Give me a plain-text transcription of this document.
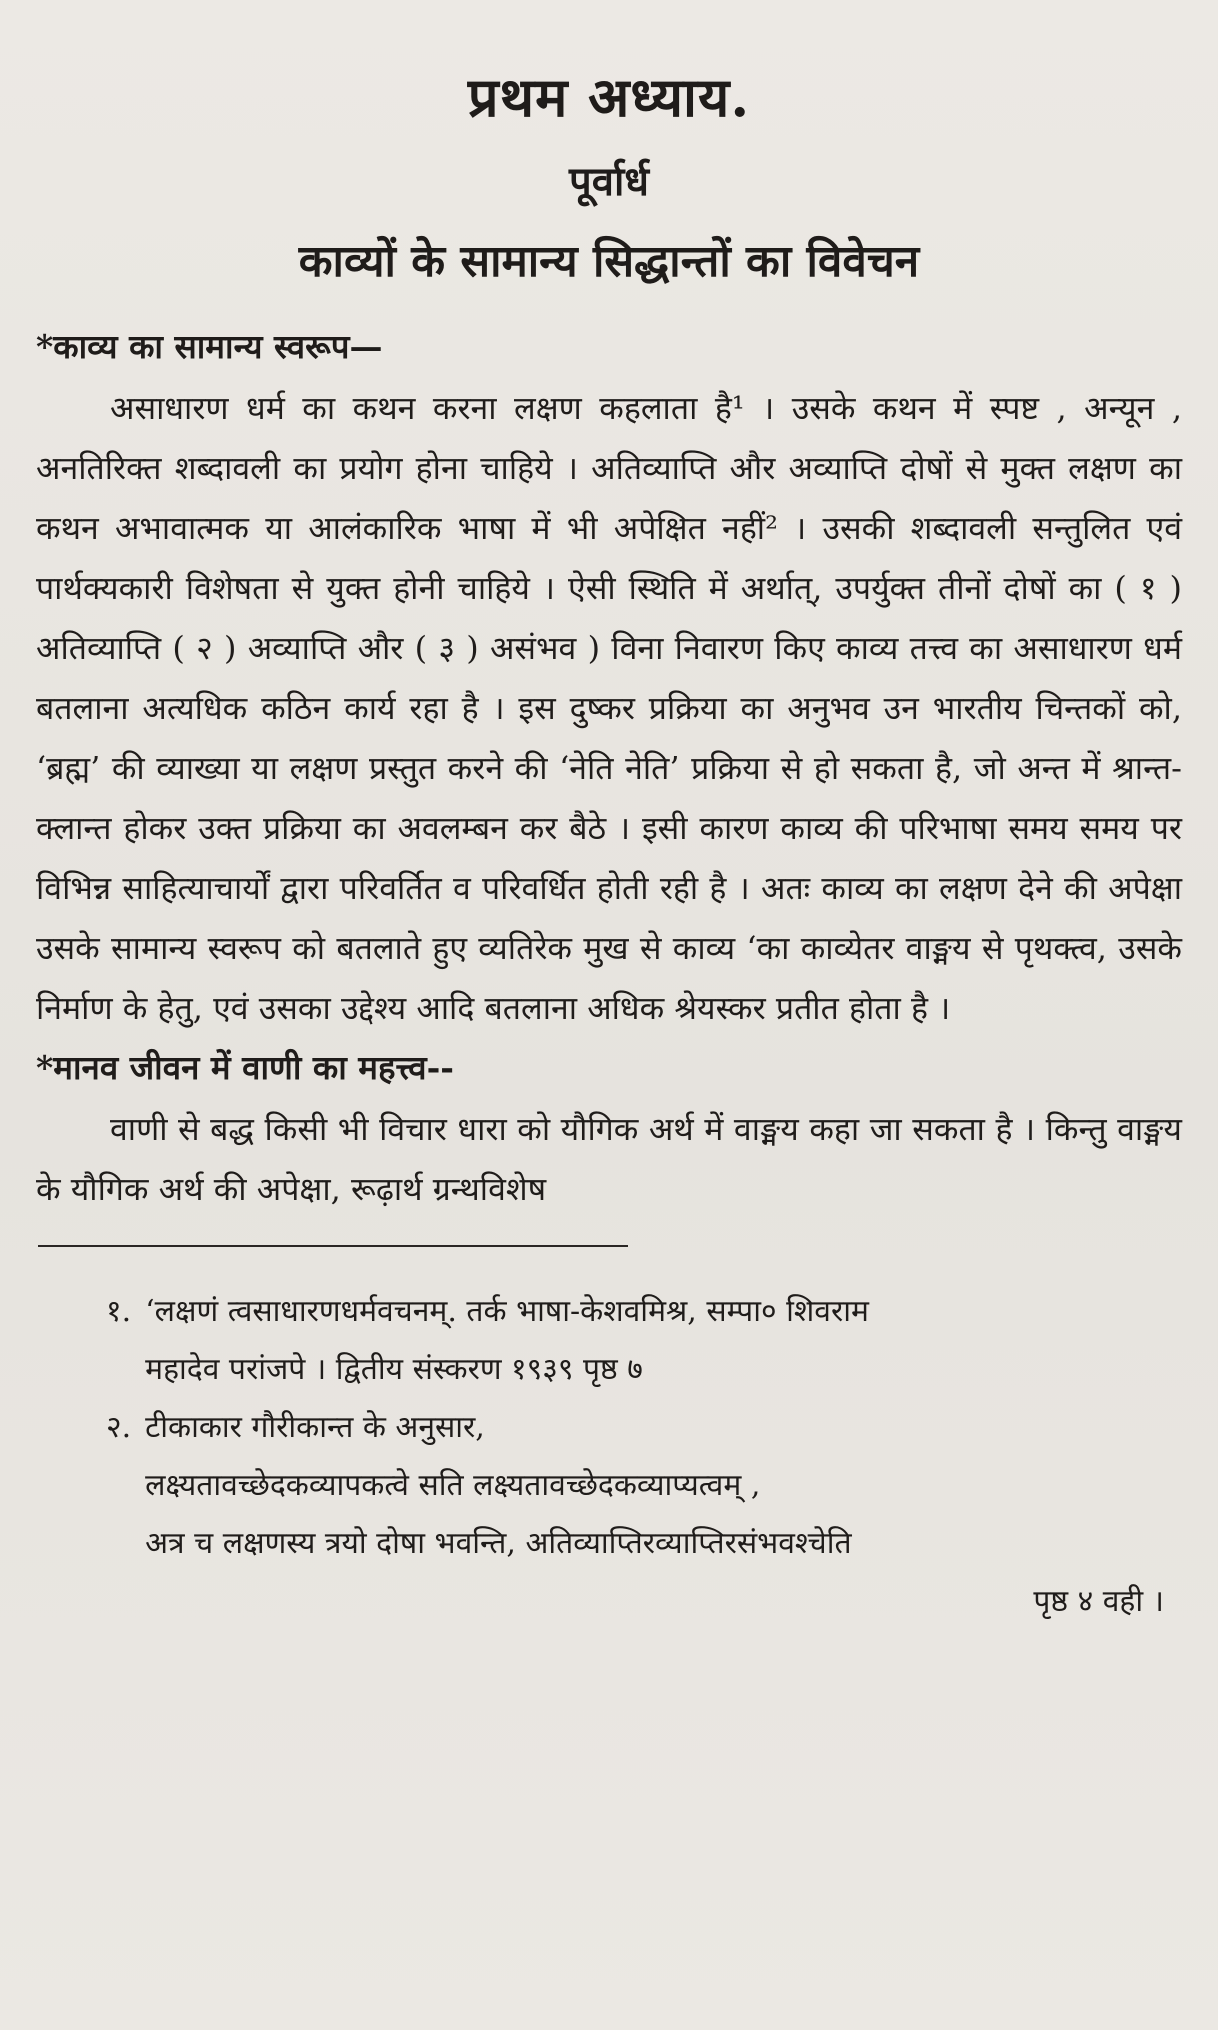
प्रथम अध्याय.
पूर्वार्ध
काव्यों के सामान्य सिद्धान्तों का विवेचन
*काव्य का सामान्य स्वरूप—

असाधारण धर्म का कथन करना लक्षण कहलाता है¹ । उसके कथन में स्पष्ट , अन्यून , अनतिरिक्त शब्दावली का प्रयोग होना चाहिये । अतिव्याप्ति और अव्याप्ति दोषों से मुक्त लक्षण का कथन अभावात्मक या आलंकारिक भाषा में भी अपेक्षित नहीं² । उसकी शब्दावली सन्तुलित एवं पार्थक्यकारी विशेषता से युक्त होनी चाहिये । ऐसी स्थिति में अर्थात्, उपर्युक्त तीनों दोषों का ( १ ) अतिव्याप्ति ( २ ) अव्याप्ति और ( ३ ) असंभव ) विना निवारण किए काव्य तत्त्व का असाधारण धर्म बतलाना अत्यधिक कठिन कार्य रहा है । इस दुष्कर प्रक्रिया का अनुभव उन भारतीय चिन्तकों को, ‘ब्रह्म’ की व्याख्या या लक्षण प्रस्तुत करने की ‘नेति नेति’ प्रक्रिया से हो सकता है, जो अन्त में श्रान्त-क्लान्त होकर उक्त प्रक्रिया का अवलम्बन कर बैठे । इसी कारण काव्य की परिभाषा समय समय पर विभिन्न साहित्याचार्यों द्वारा परिवर्तित व परिवर्धित होती रही है । अतः काव्य का लक्षण देने की अपेक्षा उसके सामान्य स्वरूप को बतलाते हुए व्यतिरेक मुख से काव्य ‘का काव्येतर वाङ्मय से पृथक्त्व, उसके निर्माण के हेतु, एवं उसका उद्देश्य आदि बतलाना अधिक श्रेयस्कर प्रतीत होता है ।

*मानव जीवन में वाणी का महत्त्व--

वाणी से बद्ध किसी भी विचार धारा को यौगिक अर्थ में वाङ्मय कहा जा सकता है । किन्तु वाङ्मय के यौगिक अर्थ की अपेक्षा, रूढ़ार्थ ग्रन्थविशेष

१. ‘लक्षणं त्वसाधारणधर्मवचनम्. तर्क भाषा-केशवमिश्र, सम्पा० शिवराम
महादेव परांजपे । द्वितीय संस्करण १९३९ पृष्ठ ७
२. टीकाकार गौरीकान्त के अनुसार,
लक्ष्यतावच्छेदकव्यापकत्वे सति लक्ष्यतावच्छेदकव्याप्यत्वम् ,
अत्र च लक्षणस्य त्रयो दोषा भवन्ति, अतिव्याप्तिरव्याप्तिरसंभवश्चेति
पृष्ठ ४ वही ।
